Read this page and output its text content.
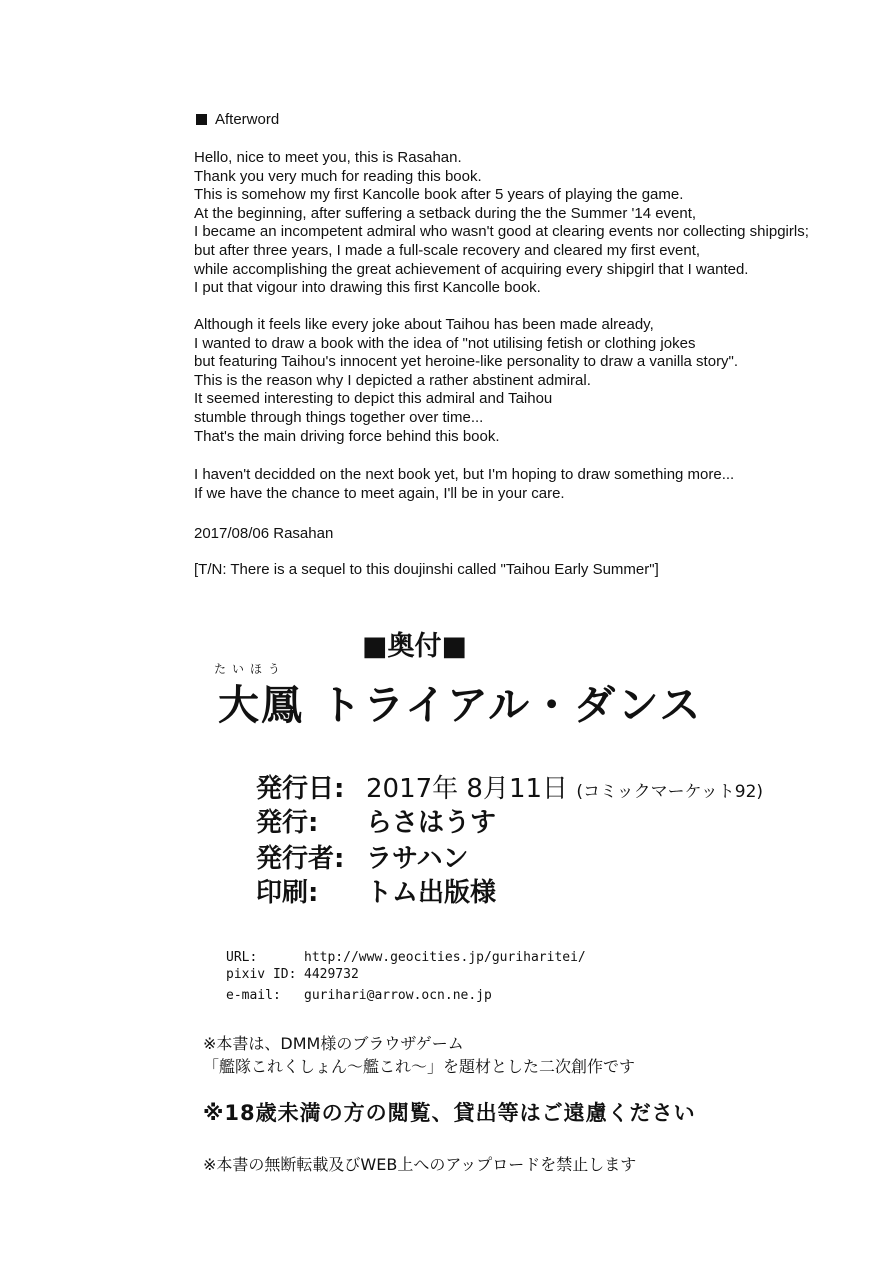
Afterword
Hello, nice to meet you, this is Rasahan.
Thank you very much for reading this book.
This is somehow my first Kancolle book after 5 years of playing the game.
At the beginning, after suffering a setback during the the Summer '14 event,
I became an incompetent admiral who wasn't good at clearing events nor collecting shipgirls;
but after three years, I made a full-scale recovery and cleared my first event,
while accomplishing the great achievement of acquiring every shipgirl that I wanted.
I put that vigour into drawing this first Kancolle book.
Although it feels like every joke about Taihou has been made already,
I wanted to draw a book with the idea of "not utilising fetish or clothing jokes
but featuring Taihou's innocent yet heroine-like personality to draw a vanilla story".
This is the reason why I depicted a rather abstinent admiral.
It seemed interesting to depict this admiral and Taihou
stumble through things together over time...
That's the main driving force behind this book.
I haven't decidded on the next book yet, but I'm hoping to draw something more...
If we have the chance to meet again, I'll be in your care.
2017/08/06 Rasahan
[T/N: There is a sequel to this doujinshi called "Taihou Early Summer"]
■奥付■
たいほう
大鳳 トライアル・ダンス
発行日: 2017年 8月11日 (コミックマーケット92)
発行: らさはうす
発行者: ラサハン
印刷: トム出版様
URL:	http://www.geocities.jp/guriharitei/
pixiv ID: 4429732
e-mail: gurihari@arrow.ocn.ne.jp
※本書は、DMM様のブラウザゲーム
「艦隊これくしょん～艦これ～」を題材とした二次創作です
※18歳未満の方の閲覧、貸出等はご遠慮ください
※本書の無断転載及びWEB上へのアップロードを禁止します
